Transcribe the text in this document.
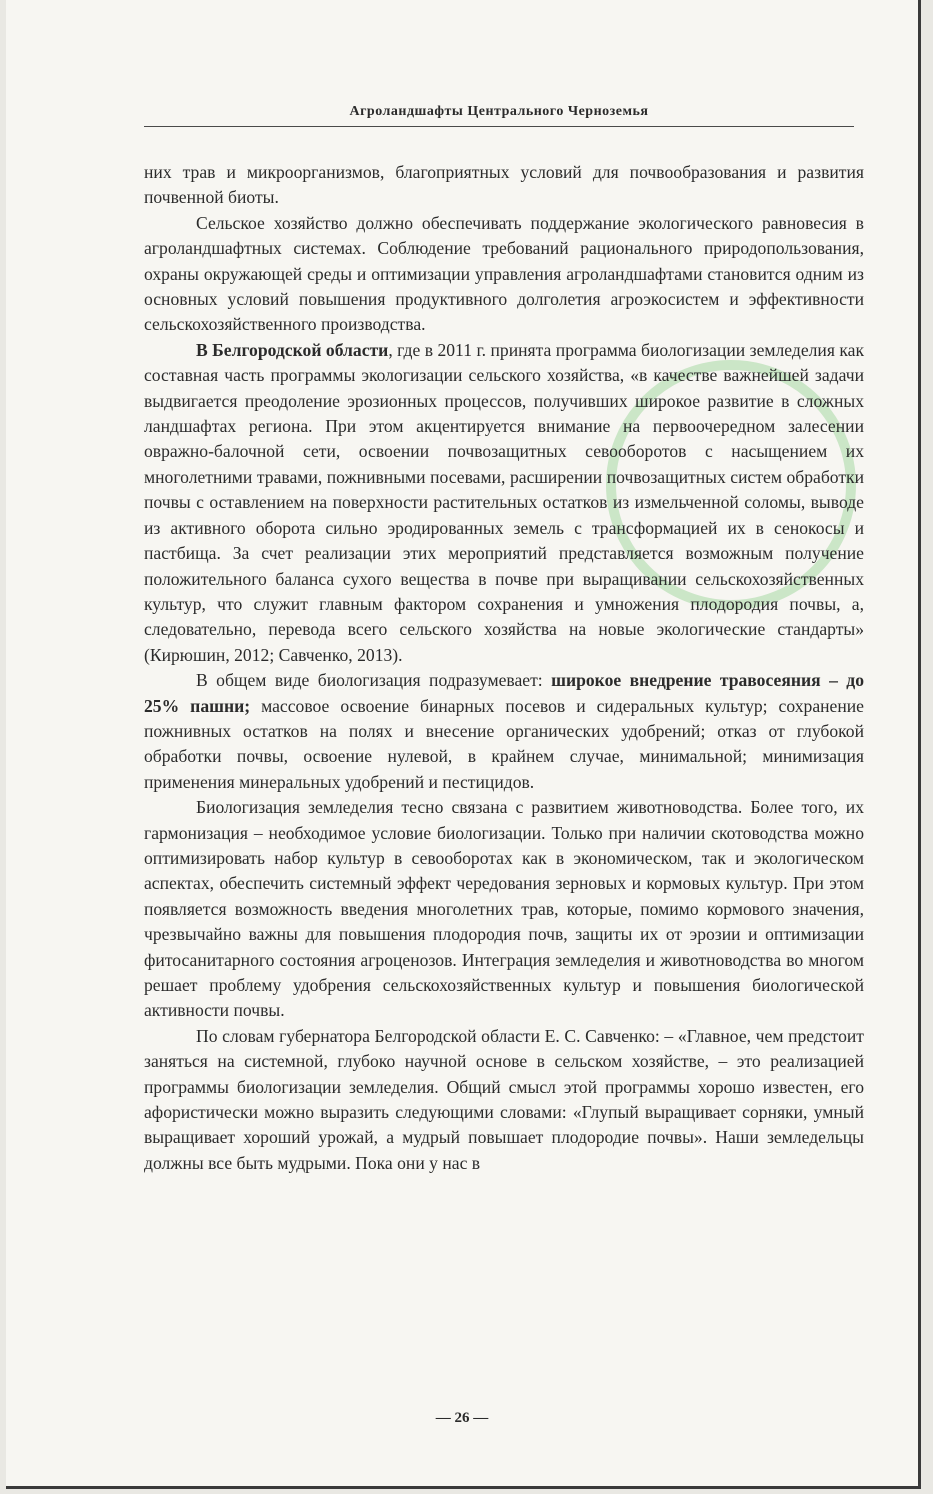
Агроландшафты Центрального Черноземья

них трав и микроорганизмов, благоприятных условий для почвообразования и развития почвенной биоты.

Сельское хозяйство должно обеспечивать поддержание экологического равновесия в агроландшафтных системах. Соблюдение требований рационального природопользования, охраны окружающей среды и оптимизации управления агроландшафтами становится одним из основных условий повышения продуктивного долголетия агроэкосистем и эффективности сельскохозяйственного производства.

В Белгородской области, где в 2011 г. принята программа биологизации земледелия как составная часть программы экологизации сельского хозяйства, «в качестве важнейшей задачи выдвигается преодоление эрозионных процессов, получивших широкое развитие в сложных ландшафтах региона. При этом акцентируется внимание на первоочередном залесении овражно-балочной сети, освоении почвозащитных севооборотов с насыщением их многолетними травами, пожнивными посевами, расширении почвозащитных систем обработки почвы с оставлением на поверхности растительных остатков из измельченной соломы, выводе из активного оборота сильно эродированных земель с трансформацией их в сенокосы и пастбища. За счет реализации этих мероприятий представляется возможным получение положительного баланса сухого вещества в почве при выращивании сельскохозяйственных культур, что служит главным фактором сохранения и умножения плодородия почвы, а, следовательно, перевода всего сельского хозяйства на новые экологические стандарты» (Кирюшин, 2012; Савченко, 2013).

В общем виде биологизация подразумевает: широкое внедрение травосеяния – до 25% пашни; массовое освоение бинарных посевов и сидеральных культур; сохранение пожнивных остатков на полях и внесение органических удобрений; отказ от глубокой обработки почвы, освоение нулевой, в крайнем случае, минимальной; минимизация применения минеральных удобрений и пестицидов.

Биологизация земледелия тесно связана с развитием животноводства. Более того, их гармонизация – необходимое условие биологизации. Только при наличии скотоводства можно оптимизировать набор культур в севооборотах как в экономическом, так и экологическом аспектах, обеспечить системный эффект чередования зерновых и кормовых культур. При этом появляется возможность введения многолетних трав, которые, помимо кормового значения, чрезвычайно важны для повышения плодородия почв, защиты их от эрозии и оптимизации фитосанитарного состояния агроценозов. Интеграция земледелия и животноводства во многом решает проблему удобрения сельскохозяйственных культур и повышения биологической активности почвы.

По словам губернатора Белгородской области Е. С. Савченко: – «Главное, чем предстоит заняться на системной, глубоко научной основе в сельском хозяйстве, – это реализацией программы биологизации земледелия. Общий смысл этой программы хорошо известен, его афористически можно выразить следующими словами: «Глупый выращивает сорняки, умный выращивает хороший урожай, а мудрый повышает плодородие почвы». Наши земледельцы должны все быть мудрыми. Пока они у нас в

— 26 —
